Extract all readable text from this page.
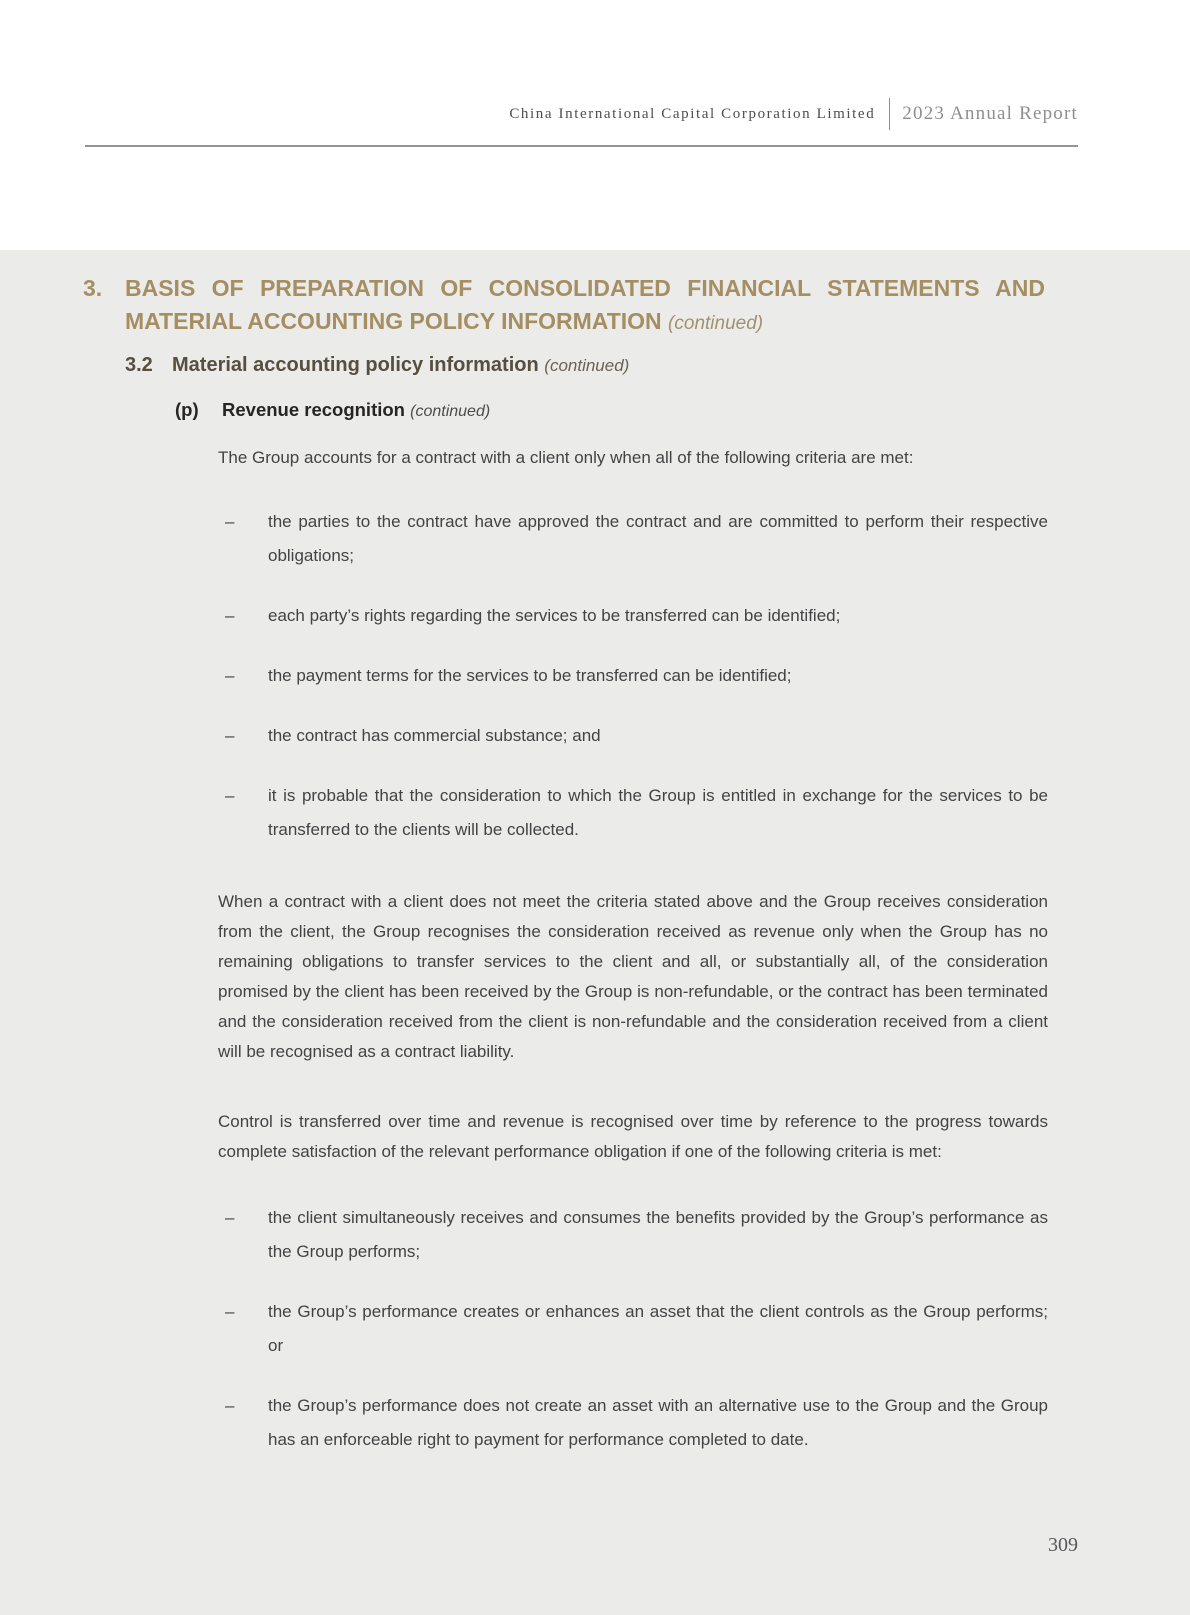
China International Capital Corporation Limited 2023 Annual Report
3. BASIS OF PREPARATION OF CONSOLIDATED FINANCIAL STATEMENTS AND MATERIAL ACCOUNTING POLICY INFORMATION (continued)
3.2 Material accounting policy information (continued)
(p)	Revenue recognition (continued)

The Group accounts for a contract with a client only when all of the following criteria are met:

–	the parties to the contract have approved the contract and are committed to perform their respective obligations;
–	each party’s rights regarding the services to be transferred can be identified;
–	the payment terms for the services to be transferred can be identified;
–	the contract has commercial substance; and
–	it is probable that the consideration to which the Group is entitled in exchange for the services to be transferred to the clients will be collected.

When a contract with a client does not meet the criteria stated above and the Group receives consideration from the client, the Group recognises the consideration received as revenue only when the Group has no remaining obligations to transfer services to the client and all, or substantially all, of the consideration promised by the client has been received by the Group is non-refundable, or the contract has been terminated and the consideration received from the client is non-refundable and the consideration received from a client will be recognised as a contract liability.

Control is transferred over time and revenue is recognised over time by reference to the progress towards complete satisfaction of the relevant performance obligation if one of the following criteria is met:

–	the client simultaneously receives and consumes the benefits provided by the Group’s performance as the Group performs;
–	the Group’s performance creates or enhances an asset that the client controls as the Group performs; or
–	the Group’s performance does not create an asset with an alternative use to the Group and the Group has an enforceable right to payment for performance completed to date.
309
